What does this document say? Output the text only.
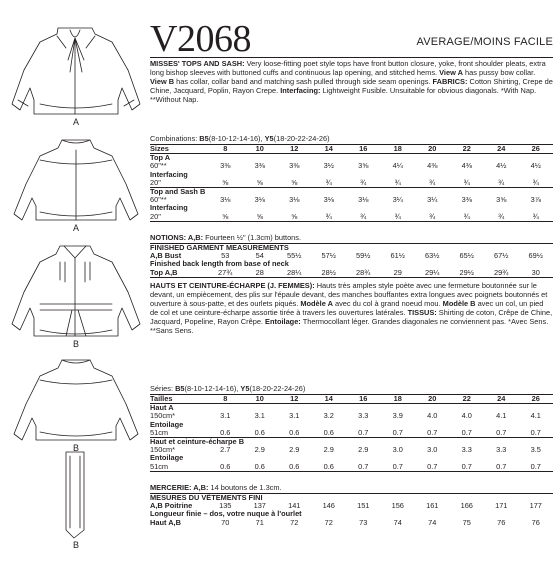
A
A
B
B
B
V2068	AVERAGE/MOINS FACILE
MISSES' TOPS AND SASH: Very loose-fitting poet style tops have front button closure, yoke, front shoulder pleats, extra long bishop sleeves with buttoned cuffs and continuous lap opening, and stitched hems. View A has pussy bow collar. View B has collar, collar band and matching sash pulled through side seam openings. FABRICS: Cotton Shirting, Crepe de Chine, Jacquard, Poplin, Rayon Crepe. Interfacing: Lightweight Fusible. Unsuitable for obvious diagonals. *With Nap. **Without Nap.
Combinations: B5(8-10-12-14-16), Y5(18-20-22-24-26)
Sizes	8	10	12	14	16	18	20	22	24	26
Top A										
60"**	3⅜	3⅜	3⅜	3½	3⅝	4¼	4⅜	4⅜	4½	4½
Interfacing										
20"	⅝	⅝	⅝	¾	¾	¾	¾	¾	¾	¾
Top and Sash B										
60"**	3⅛	3⅛	3⅛	3⅛	3⅛	3¼	3¼	3⅜	3⅝	3⅞
Interfacing										
20"	⅝	⅝	⅝	¾	¾	¾	¾	¾	¾	¾
NOTIONS: A,B: Fourteen ½" (1.3cm) buttons.
FINISHED GARMENT MEASUREMENTS										
A,B Bust	53	54	55½	57½	59½	61½	63½	65½	67½	69½
Finished back length from base of neck										
Top A,B	27¾	28	28¼	28½	28¾	29	29¼	29½	29¾	30
HAUTS ET CEINTURE-ÉCHARPE (J. FEMMES): Hauts très amples style poète avec une fermeture boutonnée sur le devant, un empiècement, des plis sur l'épaule devant, des manches bouffantes extra longues avec poignets boutonnés et ouverture à sous-patte, et des ourlets piqués. Modèle A avec du col à grand noeud mou. Modèle B avec un col, un pied de col et une ceinture-écharpe assortie tirée à travers les ouvertures latérales. TISSUS: Shirting de coton, Crêpe de Chine, Jacquard, Popeline, Rayon Crêpe. Entoilage: Thermocollant léger. Grandes diagonales ne conviennent pas. *Avec Sens. **Sans Sens.
Séries: B5(8-10-12-14-16), Y5(18-20-22-24-26)
Tailles	8	10	12	14	16	18	20	22	24	26
Haut A										
150cm*	3.1	3.1	3.1	3.2	3.3	3.9	4.0	4.0	4.1	4.1
Entoilage										
51cm	0.6	0.6	0.6	0.6	0.7	0.7	0.7	0.7	0.7	0.7
Haut et ceinture-écharpe B										
150cm*	2.7	2.9	2.9	2.9	2.9	3.0	3.0	3.3	3.3	3.5
Entoilage										
51cm	0.6	0.6	0.6	0.6	0.7	0.7	0.7	0.7	0.7	0.7
MERCERIE: A,B: 14 boutons de 1.3cm.
MESURES DU VÊTEMENTS FINI										
A,B Poitrine	135	137	141	146	151	156	161	166	171	177
Longueur finie – dos, votre nuque à l'ourlet										
Haut A,B	70	71	72	72	73	74	74	75	76	76
